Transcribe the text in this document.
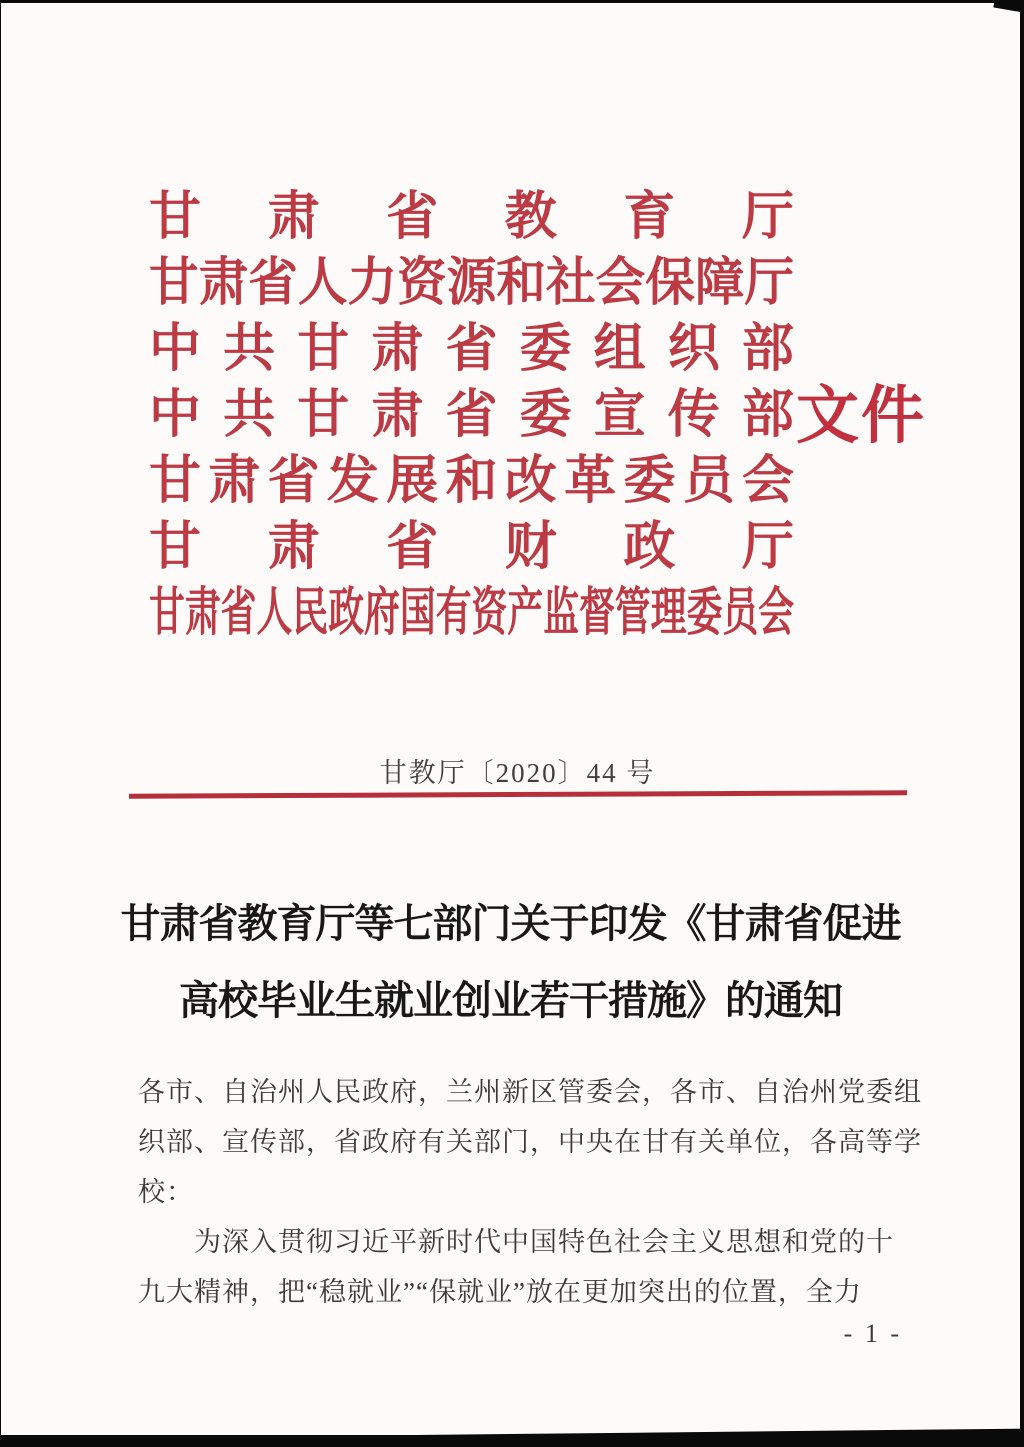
甘 肃 省 教 育 厅
甘 肃 省 人 力 资 源 和 社 会 保 障 厅
中 共 甘 肃 省 委 组 织 部
中 共 甘 肃 省 委 宣 传 部
甘 肃 省 发 展 和 改 革 委 员 会
甘 肃 省 财 政 厅
甘 肃 省 人 民 政 府 国 有 资 产 监 督 管 理 委 员 会
文件
甘教厅〔2020〕44 号
甘肃省教育厅等七部门关于印发《甘肃省促进
高校毕业生就业创业若干措施》的通知
各市、自治州人民政府，兰州新区管委会，各市、自治州党委组
织部、宣传部，省政府有关部门，中央在甘有关单位，各高等学
校：
为深入贯彻习近平新时代中国特色社会主义思想和党的十
九大精神，把“稳就业”“保就业”放在更加突出的位置，全力
- 1 -
